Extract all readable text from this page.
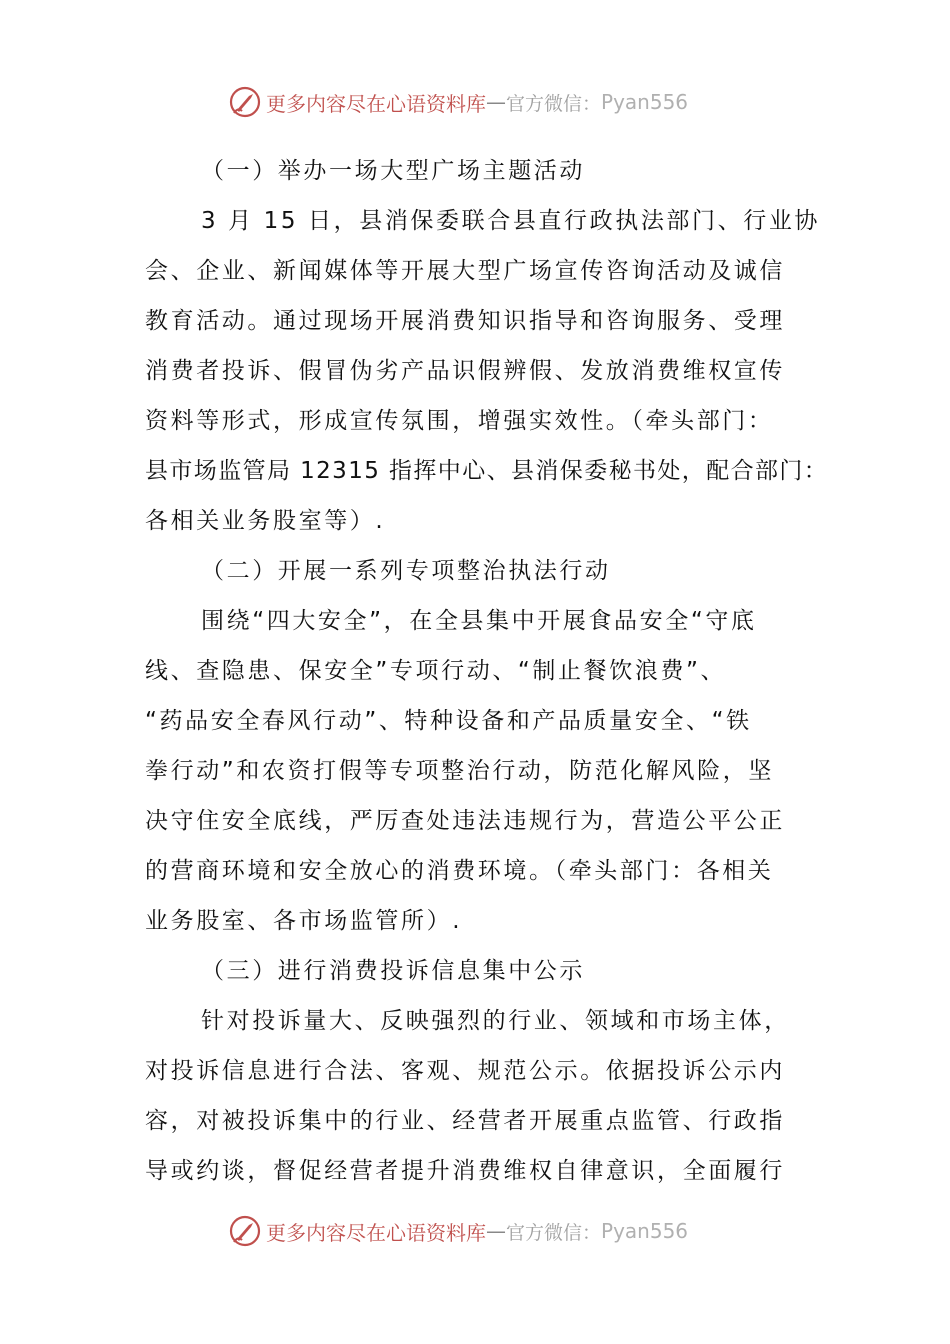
更多内容尽在心语资料库 — 官方微信： Pyan556
（一）举办一场大型广场主题活动
3 月 15 日，县消保委联合县直行政执法部门、行业协
会、企业、新闻媒体等开展大型广场宣传咨询活动及诚信
教育活动。通过现场开展消费知识指导和咨询服务、受理
消费者投诉、假冒伪劣产品识假辨假、发放消费维权宣传
资料等形式，形成宣传氛围，增强实效性。（牵头部门：
县市场监管局 12315 指挥中心、县消保委秘书处，配合部门：
各相关业务股室等）.
（二）开展一系列专项整治执法行动
围绕“四大安全”，在全县集中开展食品安全“守底
线、查隐患、保安全”专项行动、“制止餐饮浪费”、
“药品安全春风行动”、特种设备和产品质量安全、“铁
拳行动”和农资打假等专项整治行动，防范化解风险，坚
决守住安全底线，严厉查处违法违规行为，营造公平公正
的营商环境和安全放心的消费环境。（牵头部门：各相关
业务股室、各市场监管所）.
（三）进行消费投诉信息集中公示
针对投诉量大、反映强烈的行业、领域和市场主体，
对投诉信息进行合法、客观、规范公示。依据投诉公示内
容，对被投诉集中的行业、经营者开展重点监管、行政指
导或约谈，督促经营者提升消费维权自律意识，全面履行
更多内容尽在心语资料库 — 官方微信： Pyan556
